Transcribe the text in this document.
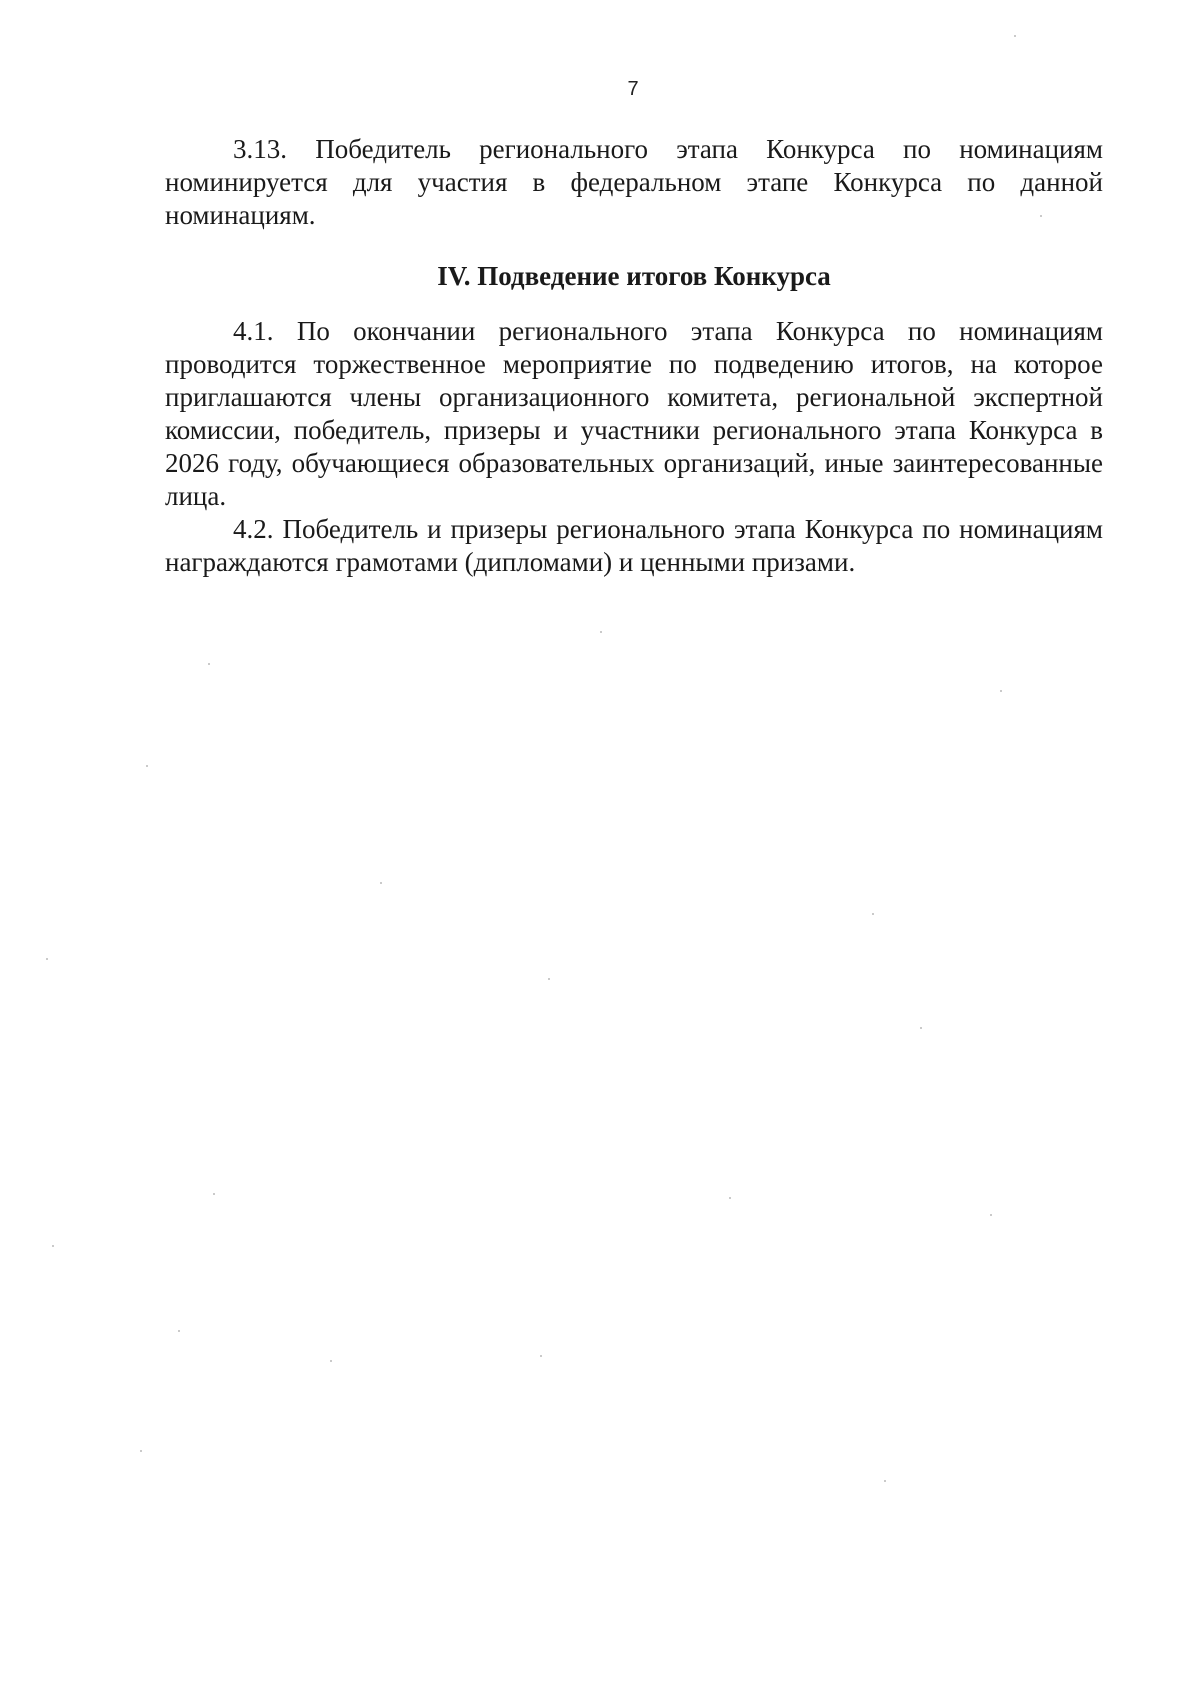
7

3.13. Победитель регионального этапа Конкурса по номинациям номинируется для участия в федеральном этапе Конкурса по данной номинациям.

IV. Подведение итогов Конкурса

4.1. По окончании регионального этапа Конкурса по номинациям проводится торжественное мероприятие по подведению итогов, на которое приглашаются члены организационного комитета, региональной экспертной комиссии, победитель, призеры и участники регионального этапа Конкурса в 2026 году, обучающиеся образовательных организаций, иные заинтересованные лица.

4.2. Победитель и призеры регионального этапа Конкурса по номинациям награждаются грамотами (дипломами) и ценными призами.
